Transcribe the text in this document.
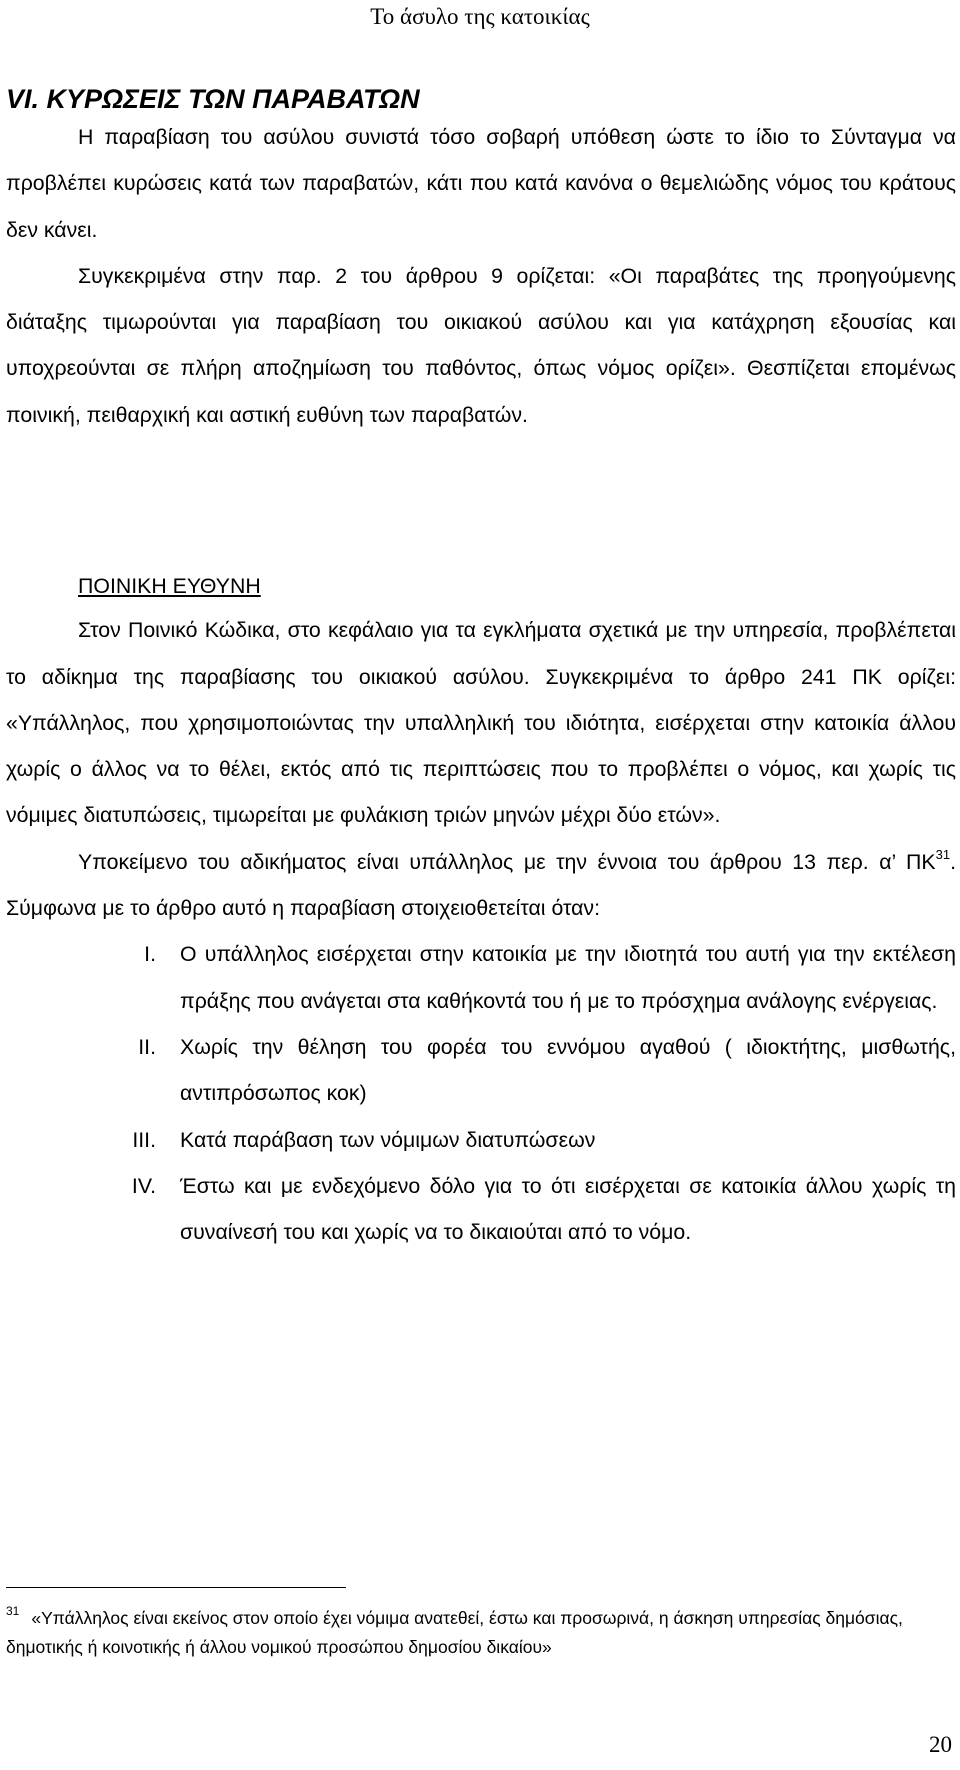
Το άσυλο της κατοικίας
VI. ΚΥΡΩΣΕΙΣ ΤΩΝ ΠΑΡΑΒΑΤΩΝ

Η παραβίαση του ασύλου συνιστά τόσο σοβαρή υπόθεση ώστε το ίδιο το Σύνταγμα να προβλέπει κυρώσεις κατά των παραβατών, κάτι που κατά κανόνα ο θεμελιώδης νόμος του κράτους δεν κάνει.

Συγκεκριμένα στην παρ. 2 του άρθρου 9 ορίζεται: «Οι παραβάτες της προηγούμενης διάταξης τιμωρούνται για παραβίαση του οικιακού ασύλου και για κατάχρηση εξουσίας και υποχρεούνται σε πλήρη αποζημίωση του παθόντος, όπως νόμος ορίζει». Θεσπίζεται επομένως ποινική, πειθαρχική και αστική ευθύνη των παραβατών.

ΠΟΙΝΙΚΗ ΕΥΘΥΝΗ

Στον Ποινικό Κώδικα, στο κεφάλαιο για τα εγκλήματα σχετικά με την υπηρεσία, προβλέπεται το αδίκημα της παραβίασης του οικιακού ασύλου. Συγκεκριμένα το άρθρο 241 ΠΚ ορίζει: «Υπάλληλος, που χρησιμοποιώντας την υπαλληλική του ιδιότητα, εισέρχεται στην κατοικία άλλου χωρίς ο άλλος να το θέλει, εκτός από τις περιπτώσεις που το προβλέπει ο νόμος, και χωρίς τις νόμιμες διατυπώσεις, τιμωρείται με φυλάκιση τριών μηνών μέχρι δύο ετών».

Υποκείμενο του αδικήματος είναι υπάλληλος με την έννοια του άρθρου 13 περ. α’ ΠΚ$^{31}$. Σύμφωνα με το άρθρο αυτό η παραβίαση στοιχειοθετείται όταν:

I.	Ο υπάλληλος εισέρχεται στην κατοικία με την ιδιοτητά του αυτή για την εκτέλεση πράξης που ανάγεται στα καθήκοντά του ή με το πρόσχημα ανάλογης ενέργειας.
II.	Χωρίς την θέληση του φορέα του εννόμου αγαθού ( ιδιοκτήτης, μισθωτής, αντιπρόσωπος κοκ)
III.	Κατά παράβαση των νόμιμων διατυπώσεων
IV.	Έστω και με ενδεχόμενο δόλο για το ότι εισέρχεται σε κατοικία άλλου χωρίς τη συναίνεσή του και χωρίς να το δικαιούται από το νόμο.

$^{31}$ «Υπάλληλος είναι εκείνος στον οποίο έχει νόμιμα ανατεθεί, έστω και προσωρινά, η άσκηση υπηρεσίας δημόσιας, δημοτικής ή κοινοτικής ή άλλου νομικού προσώπου δημοσίου δικαίου»

20
